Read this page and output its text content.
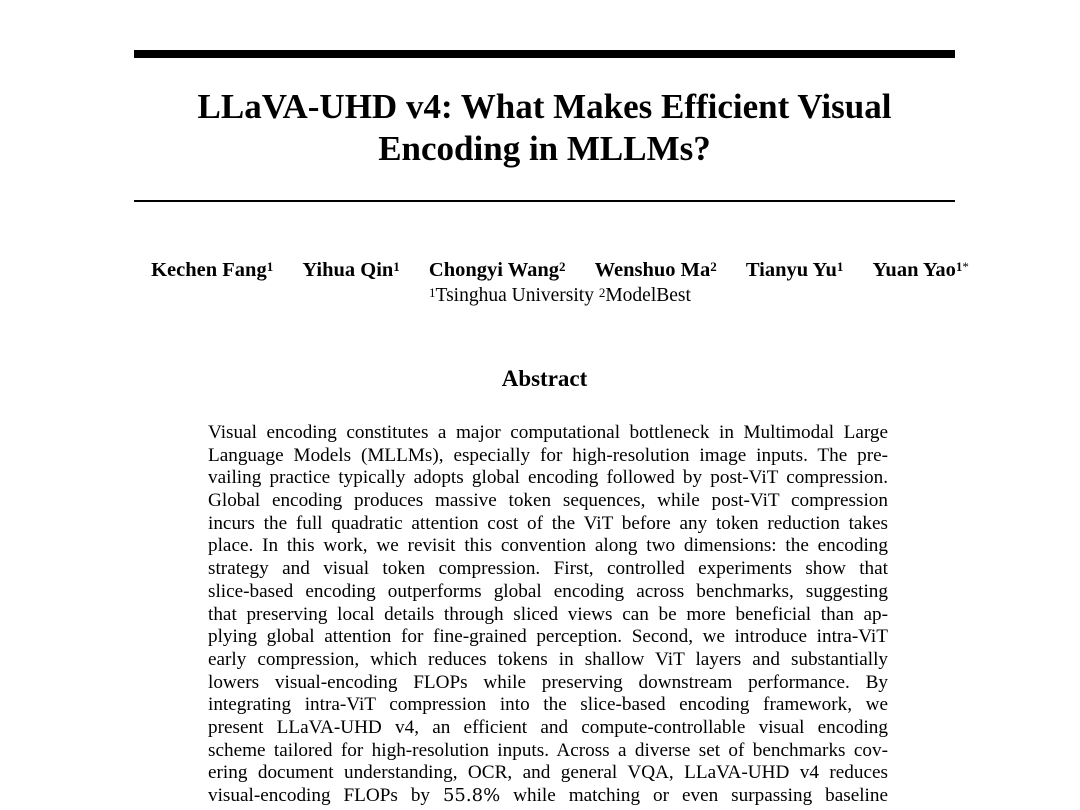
LLaVA-UHD v4: What Makes Efficient Visual
Encoding in MLLMs?
Kechen Fang$^1$ Yihua Qin$^1$ Chongyi Wang$^2$ Wenshuo Ma$^2$ Tianyu Yu$^1$ Yuan Yao$^{1*}$
$^1$Tsinghua University $^2$ModelBest
Abstract
Visual encoding constitutes a major computational bottleneck in Multimodal Large
Language Models (MLLMs), especially for high-resolution image inputs. The pre-
vailing practice typically adopts global encoding followed by post-ViT compression.
Global encoding produces massive token sequences, while post-ViT compression
incurs the full quadratic attention cost of the ViT before any token reduction takes
place. In this work, we revisit this convention along two dimensions: the encoding
strategy and visual token compression. First, controlled experiments show that
slice-based encoding outperforms global encoding across benchmarks, suggesting
that preserving local details through sliced views can be more beneficial than ap-
plying global attention for fine-grained perception. Second, we introduce intra-ViT
early compression, which reduces tokens in shallow ViT layers and substantially
lowers visual-encoding FLOPs while preserving downstream performance. By
integrating intra-ViT compression into the slice-based encoding framework, we
present LLaVA-UHD v4, an efficient and compute-controllable visual encoding
scheme tailored for high-resolution inputs. Across a diverse set of benchmarks cov-
ering document understanding, OCR, and general VQA, LLaVA-UHD v4 reduces
visual-encoding FLOPs by 55.8% while matching or even surpassing baseline
